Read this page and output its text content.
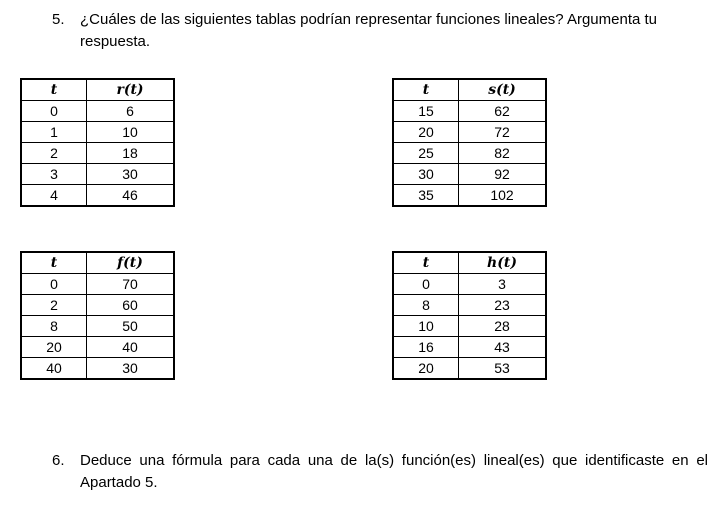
5. ¿Cuáles de las siguientes tablas podrían representar funciones lineales? Argumenta tu respuesta.
t	r(t)
0	6
1	10
2	18
3	30
4	46
t	s(t)
15	62
20	72
25	82
30	92
35	102
t	f(t)
0	70
2	60
8	50
20	40
40	30
t	h(t)
0	3
8	23
10	28
16	43
20	53
6. Deduce una fórmula para cada una de la(s) función(es) lineal(es) que identificaste en el Apartado 5.
